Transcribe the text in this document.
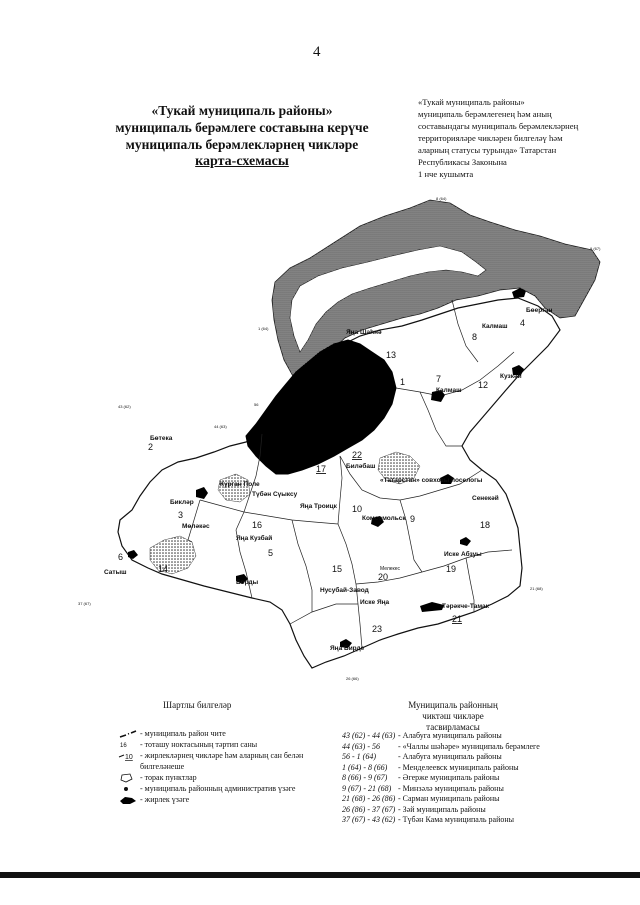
4
«Тукай муниципаль районы»
муниципаль берәмлеге составына керүче
муниципаль берәмлекләрнең чикләре
карта-схемасы
«Тукай муниципаль районы»
муниципаль берәмлегенең һәм аның
составындагы муниципаль берәмлекләрнең
территорияләре чикләрен билгеләү һәм
аларның статусы турында» Татарстан
Республикасы Законына
1 нче кушымта
1
2
3
4
5
6
7
8
9
10
12
13
14	15
16
17
18
19
20
21
22
23
Яңа Шаһнә
Калмаш
Бөерган
Кузкәй
Калмаш
Бөтека
Биләбаш
«Татарстан» совхозы поселогы
Сенекәй
Курган Поле
Түбән Сүыксу
Яңа Троицк
Комсомольск
Мөләкәс
Бикләр
Сатыш
Яңа Кузбай
Борды
Нусубай-Завод
Иске Яңа
Иске Абзуы
Тәрәкче-Тамак
Яңа Бирде
Мелекес
8 (64)
9 (67)
1 (64)
43 (62)
44 (63)
56
37 (67)
21 (68)
26 (66)
Шартлы билгеләр
- муниципаль район чите
16 - тоташу ноктасының тәртип саны
10 - жирлекләрнең чикләре һәм аларның сан белән билгеләнеше
- торак пунктлар
- муниципаль районның административ үзәге
- жирлек үзәге
Муниципаль районның
чиктәш чикләре тасвирламасы
43 (62) - 44 (63) - Алабуга муниципаль районы
44 (63) - 56 - «Чаллы шәһәре» муниципаль берәмлеге
56 - 1 (64)	- Алабуга муниципаль районы
1 (64) - 8 (66) - Менделеевск муниципаль районы
8 (66) - 9 (67) - Әгерже муниципаль районы
9 (67) - 21 (68) - Минзәлә муниципаль районы
21 (68) - 26 (86) - Сарман муниципаль районы
26 (86) - 37 (67) - Зәй муниципаль районы
37 (67) - 43 (62) - Түбән Кама муниципаль районы
